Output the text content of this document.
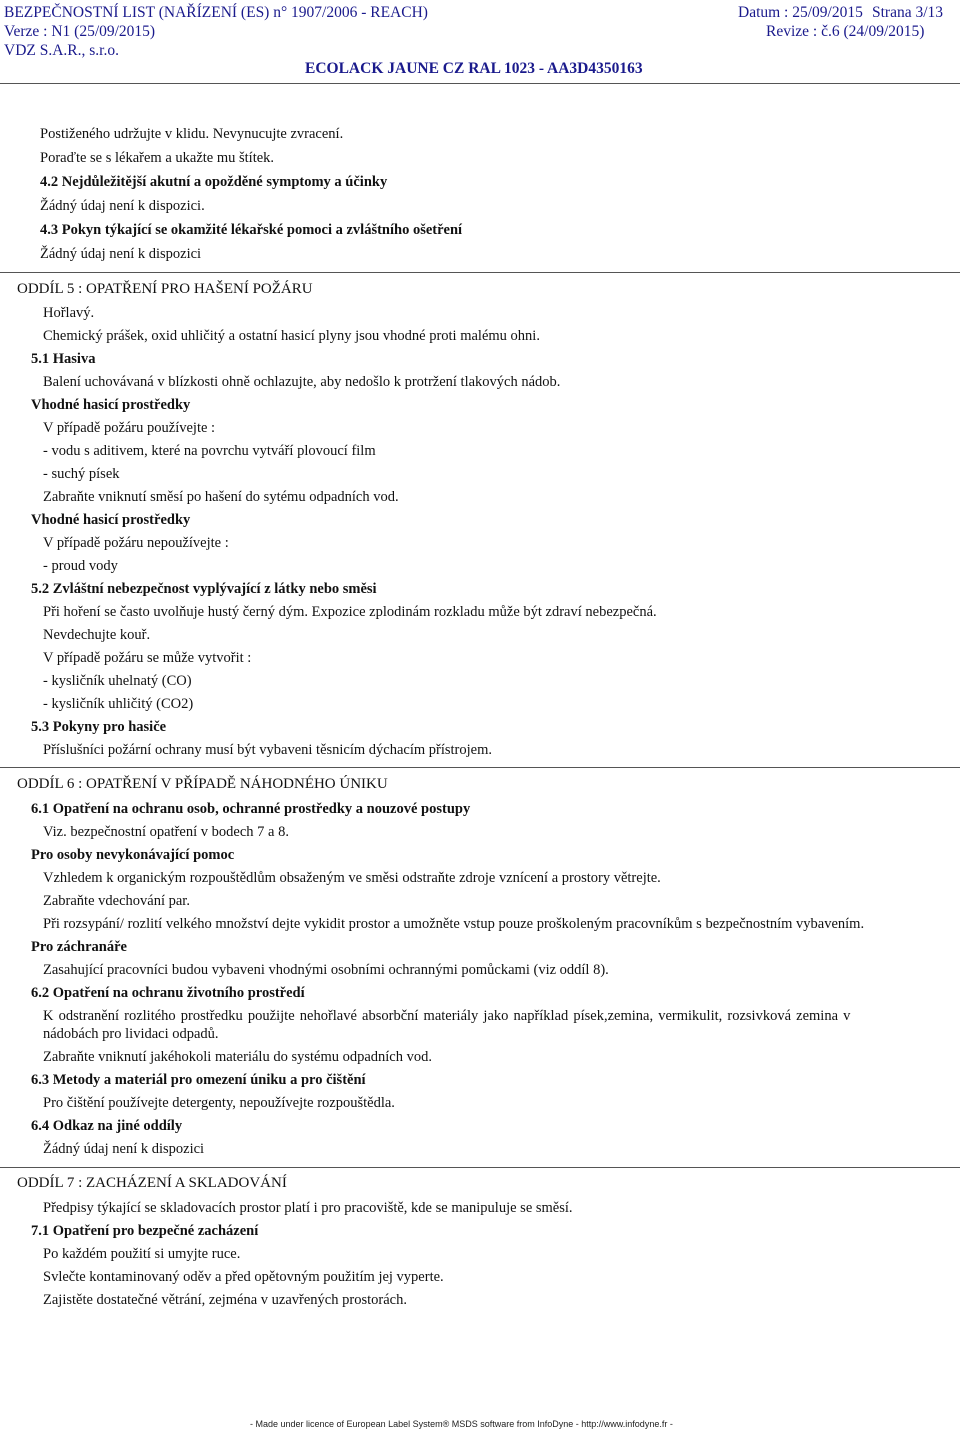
BEZPEČNOSTNÍ LIST (NAŘÍZENÍ (ES) n° 1907/2006 - REACH)	Datum : 25/09/2015 Strana 3/13
Verze : N1 (25/09/2015)	Revize : č.6 (24/09/2015)
VDZ S.A.R., s.r.o.
ECOLACK JAUNE CZ RAL 1023 - AA3D4350163
Postiženého udržujte v klidu. Nevynucujte zvracení.
Poraďte se s lékařem a ukažte mu štítek.
4.2 Nejdůležitější akutní a opožděné symptomy a účinky
Žádný údaj není k dispozici.
4.3 Pokyn týkající se okamžité lékařské pomoci a zvláštního ošetření
Žádný údaj není k dispozici
ODDÍL 5 : OPATŘENÍ PRO HAŠENÍ POŽÁRU
Hořlavý.
Chemický prášek, oxid uhličitý a ostatní hasicí plyny jsou vhodné proti malému ohni.
5.1 Hasiva
Balení uchovávaná v blízkosti ohně ochlazujte, aby nedošlo k protržení tlakových nádob.
Vhodné hasicí prostředky
V případě požáru používejte :
- vodu s aditivem, které na povrchu vytváří plovoucí film
- suchý písek
Zabraňte vniknutí směsí po hašení do sytému odpadních vod.
Vhodné hasicí prostředky
V případě požáru nepoužívejte :
- proud vody
5.2 Zvláštní nebezpečnost vyplývající z látky nebo směsi
Při hoření se často uvolňuje hustý černý dým. Expozice zplodinám rozkladu může být zdraví nebezpečná.
Nevdechujte kouř.
V případě požáru se může vytvořit :
- kysličník uhelnatý (CO)
- kysličník uhličitý (CO2)
5.3 Pokyny pro hasiče
Příslušníci požární ochrany musí být vybaveni těsnicím dýchacím přístrojem.
ODDÍL 6 : OPATŘENÍ V PŘÍPADĚ NÁHODNÉHO ÚNIKU
6.1 Opatření na ochranu osob, ochranné prostředky a nouzové postupy
Viz. bezpečnostní opatření v bodech 7 a 8.
Pro osoby nevykonávající pomoc
Vzhledem k organickým rozpouštědlům obsaženým ve směsi odstraňte zdroje vznícení a prostory větrejte.
Zabraňte vdechování par.
Při rozsypání/ rozlití velkého množství dejte vykidit prostor a umožněte vstup pouze proškoleným pracovníkům s bezpečnostním vybavením.
Pro záchranáře
Zasahující pracovníci budou vybaveni vhodnými osobními ochrannými pomůckami (viz oddíl 8).
6.2 Opatření na ochranu životního prostředí
K odstranění rozlitého prostředku použijte nehořlavé absorbční materiály jako například písek,zemina, vermikulit, rozsivková zemina v
nádobách pro lividaci odpadů.
Zabraňte vniknutí jakéhokoli materiálu do systému odpadních vod.
6.3 Metody a materiál pro omezení úniku a pro čištění
Pro čištění používejte detergenty, nepoužívejte rozpouštědla.
6.4 Odkaz na jiné oddíly
Žádný údaj není k dispozici
ODDÍL 7 : ZACHÁZENÍ A SKLADOVÁNÍ
Předpisy týkající se skladovacích prostor platí i pro pracoviště, kde se manipuluje se směsí.
7.1 Opatření pro bezpečné zacházení
Po každém použití si umyjte ruce.
Svlečte kontaminovaný oděv a před opětovným použitím jej vyperte.
Zajistěte dostatečné větrání, zejména v uzavřených prostorách.
- Made under licence of European Label System® MSDS software from InfoDyne - http://www.infodyne.fr -
